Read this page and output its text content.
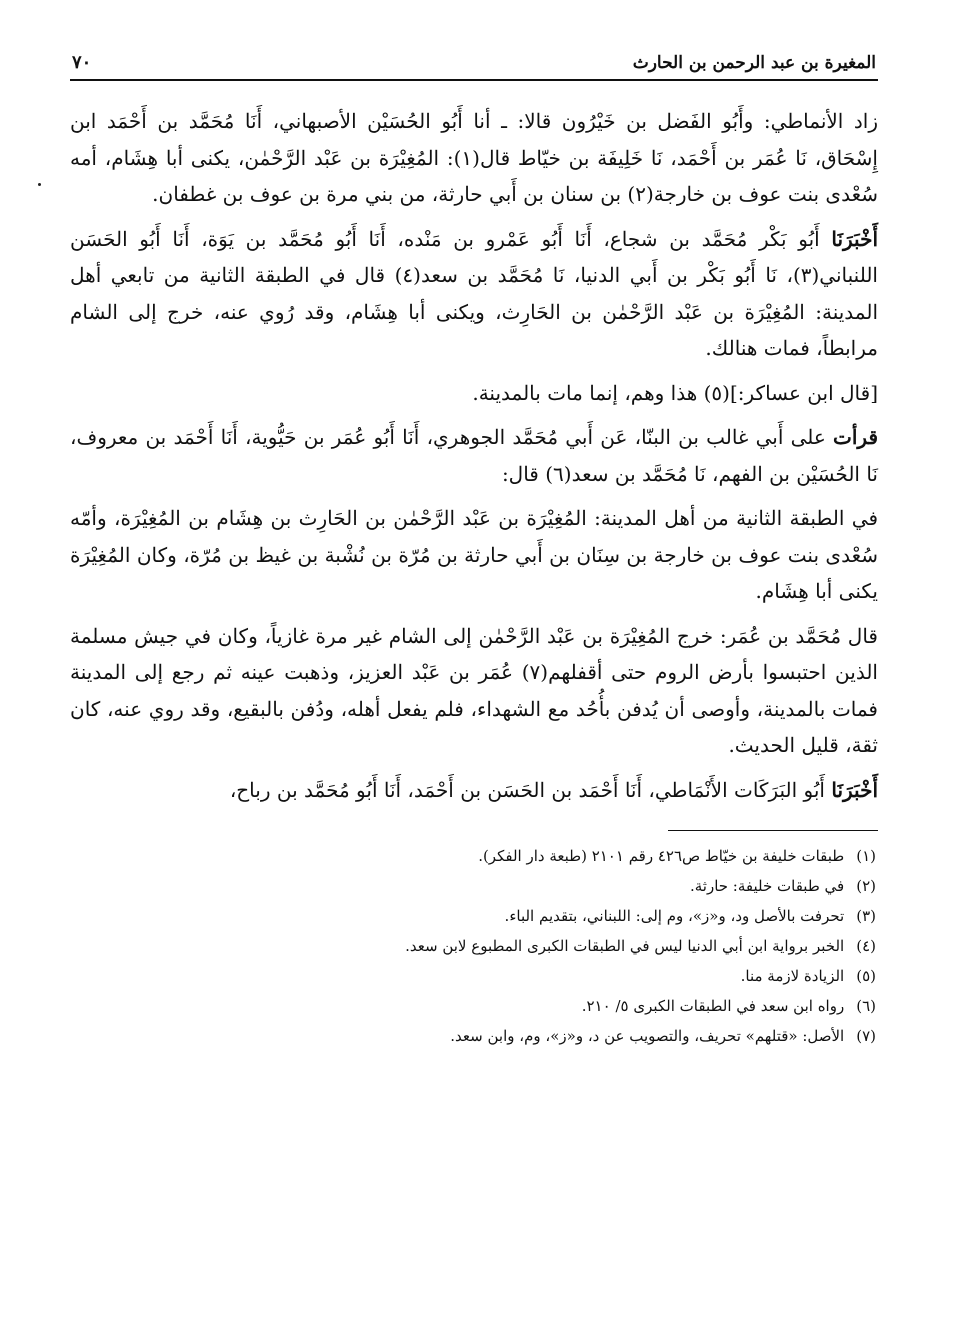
المغيرة بن عبد الرحمن بن الحارث
٧٠

زاد الأنماطي: وأَبُو الفَضل بن خَيْرُون قالا: ـ أنا أَبُو الحُسَيْن الأصبهاني، أَنَا مُحَمَّد بن أَحْمَد ابن إِسْحَاق، نَا عُمَر بن أَحْمَد، نَا خَلِيفَة بن خيّاط قال(١): المُغِيْرَة بن عَبْد الرَّحْمٰن، يكنى أبا هِشَام، أمه سُعْدى بنت عوف بن خارجة(٢) بن سنان بن أَبي حارثة، من بني مرة بن عوف بن غطفان.

أَخْبَرَنَا أَبُو بَكْر مُحَمَّد بن شجاع، أَنَا أَبُو عَمْرو بن مَنْده، أَنَا أَبُو مُحَمَّد بن يَوَة، أَنَا أَبُو الحَسَن اللنباني(٣)، نَا أَبُو بَكْر بن أَبي الدنيا، نَا مُحَمَّد بن سعد(٤) قال في الطبقة الثانية من تابعي أهل المدينة: المُغِيْرَة بن عَبْد الرَّحْمٰن بن الحَارِث، ويكنى أبا هِشَام، وقد رُوي عنه، خرج إلى الشام مرابطاً، فمات هنالك.

[قال ابن عساكر:](٥) هذا وهم، إنما مات بالمدينة.

قرأت على أَبي غالب بن البنّا، عَن أَبي مُحَمَّد الجوهري، أَنَا أَبُو عُمَر بن حَيُّوية، أَنَا أَحْمَد بن معروف، نَا الحُسَيْن بن الفهم، نَا مُحَمَّد بن سعد(٦) قال:

في الطبقة الثانية من أهل المدينة: المُغِيْرَة بن عَبْد الرَّحْمٰن بن الحَارِث بن هِشَام بن المُغِيْرَة، وأمّه سُعْدى بنت عوف بن خارجة بن سِنَان بن أَبي حارثة بن مُرّة بن نُشْبة بن غيظ بن مُرّة، وكان المُغِيْرَة يكنى أبا هِشَام.

قال مُحَمَّد بن عُمَر: خرج المُغِيْرَة بن عَبْد الرَّحْمٰن إلى الشام غير مرة غازياً، وكان في جيش مسلمة الذين احتبسوا بأرض الروم حتى أقفلهم(٧) عُمَر بن عَبْد العزيز، وذهبت عينه ثم رجع إلى المدينة فمات بالمدينة، وأوصى أن يُدفن بأُحُد مع الشهداء، فلم يفعل أهله، ودُفن بالبقيع، وقد روي عنه، كان ثقة، قليل الحديث.

أَخْبَرَنَا أَبُو البَرَكَات الأَنْمَاطي، أَنَا أَحْمَد بن الحَسَن بن أَحْمَد، أَنَا أَبُو مُحَمَّد بن رباح،

(١)
طبقات خليفة بن خيّاط ص٤٢٦ رقم ٢١٠١ (طبعة دار الفكر).

(٢)
في طبقات خليفة: حارثة.

(٣)
تحرفت بالأصل ود، و«ز»، وم إلى: اللبناني، بتقديم الباء.

(٤)
الخبر برواية ابن أبي الدنيا ليس في الطبقات الكبرى المطبوع لابن سعد.

(٥)
الزيادة لازمة منا.

(٦)
رواه ابن سعد في الطبقات الكبرى ٥/ ٢١٠.

(٧)
الأصل: «قتلهم» تحريف، والتصويب عن د، و«ز»، وم، وابن سعد.
